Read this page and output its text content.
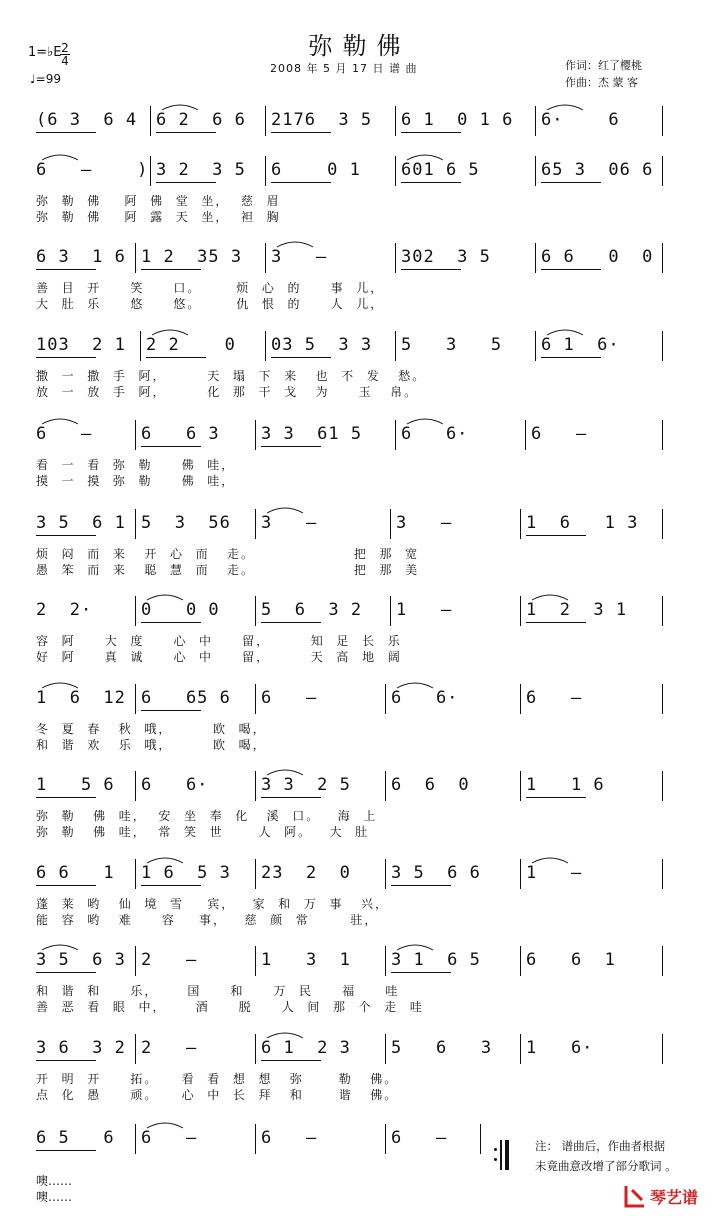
1=♭E 2
4
♩=99
弥勒佛
2008 年 5 月 17 日 谱 曲	作词：红了樱桃
作曲：杰 蒙 客
(6 3  6 4 6 2  6 6 2176  3 5 6 1  0 1 6 6·    6
6   –    ) 3 2  3 5 6    0 1 601 6 5	65 3  06 6
弥  勒  佛    阿  佛  堂  坐，  慈  眉
弥  勒  佛    阿  露  天  坐，  袒  胸
6 3  1 6 1 2  35 3 3   –	302  3 5	6 6   0  0
善  目  开     笑     口。      烦  心  的     事  儿，
大  肚  乐     悠     悠。      仇  恨  的     人  儿，
103  2 1 2 2    0 03 5  3 3 5   3   5 6 1  6·
撒  一  撒  手  阿，       天  塌  下  来   也  不  发   愁。
放  一  放  手  阿，       化  那  干  戈   为     玉   帛。
6   –	6   6 3 3 3  61 5 6   6·	6   –
看  一  看  弥  勒     佛  哇，
摸  一  摸  弥  勒     佛  哇，
3 5  6 1 5  3  56 3   –	3   –	1  6   1 3
烦  闷  而  来   开  心  而   走。                 把  那  宽
愚  笨  而  来   聪  慧  而   走。                 把  那  美
2  2·	0   0 0 5  6  3 2 1   –	1  2  3 1
容  阿     大  度     心  中     留，       知  足  长  乐
好  阿     真  诚     心  中     留，       天  高  地  阔
1  6  12 6   65 6 6   –	6   6·	6   –
冬  夏  春   秋  哦，       欧  喝，
和  谐  欢   乐  哦，       欧  喝，
1   5 6 6   6·	3 3  2 5 6  6  0	1   1 6
弥  勒   佛  哇，  安  坐  奉  化   溪  口。   海  上
弥  勒   佛  哇，  常  笑  世      人  阿。   大  肚
6 6   1 1 6  5 3 23  2  0 3 5  6 6	1   –
蓬  莱  哟   仙  境  雪    宾，   家  和  万  事   兴，
能  容  哟   难     容    事，   慈  颜  常       驻，
3 5  6 3 2   –	1   3  1 3 1  6 5	6   6  1
和  谐  和     乐，     国     和     万  民     福     哇
善  恶  看  眼  中，     酒     脱     人  间  那  个  走  哇
3 6  3 2 2   –	6 1  2 3 5   6   3 1   6·
开  明  开     拓。    看  看  想  想   弥      勒   佛。
点  化  愚     顽。    心  中  长  拜   和      谐   佛。
6 5   6 6   –	6   –	6   –
噢……
噢……
注： 谱曲后，作曲者根据
未竟曲意改增了部分歌词 。
琴艺谱
